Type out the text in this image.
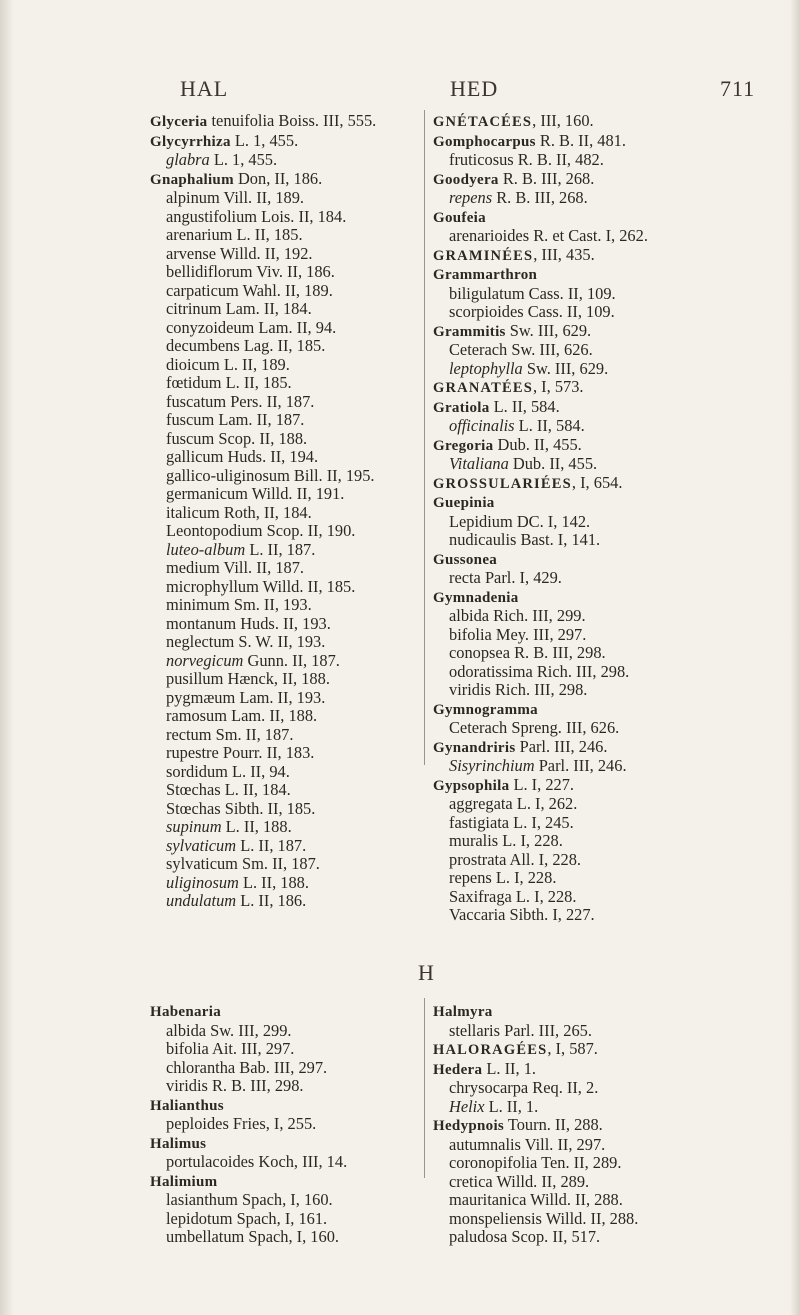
HAL	HED	711
Glyceria tenuifolia Boiss. III, 555.
Glycyrrhiza L. 1, 455.
glabra L. 1, 455.
Gnaphalium Don, II, 186.
alpinum Vill. II, 189.
angustifolium Lois. II, 184.
arenarium L. II, 185.
arvense Willd. II, 192.
bellidiflorum Viv. II, 186.
carpaticum Wahl. II, 189.
citrinum Lam. II, 184.
conyzoideum Lam. II, 94.
decumbens Lag. II, 185.
dioicum L. II, 189.
fœtidum L. II, 185.
fuscatum Pers. II, 187.
fuscum Lam. II, 187.
fuscum Scop. II, 188.
gallicum Huds. II, 194.
gallico-uliginosum Bill. II, 195.
germanicum Willd. II, 191.
italicum Roth, II, 184.
Leontopodium Scop. II, 190.
luteo-album L. II, 187.
medium Vill. II, 187.
microphyllum Willd. II, 185.
minimum Sm. II, 193.
montanum Huds. II, 193.
neglectum S. W. II, 193.
norvegicum Gunn. II, 187.
pusillum Hænck, II, 188.
pygmæum Lam. II, 193.
ramosum Lam. II, 188.
rectum Sm. II, 187.
rupestre Pourr. II, 183.
sordidum L. II, 94.
Stœchas L. II, 184.
Stœchas Sibth. II, 185.
supinum L. II, 188.
sylvaticum L. II, 187.
sylvaticum Sm. II, 187.
uliginosum L. II, 188.
undulatum L. II, 186.
GNÉTACÉES, III, 160.
Gomphocarpus R. B. II, 481.
fruticosus R. B. II, 482.
Goodyera R. B. III, 268.
repens R. B. III, 268.
Goufeia
arenarioides R. et Cast. I, 262.
GRAMINÉES, III, 435.
Grammarthron
biligulatum Cass. II, 109.
scorpioides Cass. II, 109.
Grammitis Sw. III, 629.
Ceterach Sw. III, 626.
leptophylla Sw. III, 629.
GRANATÉES, I, 573.
Gratiola L. II, 584.
officinalis L. II, 584.
Gregoria Dub. II, 455.
Vitaliana Dub. II, 455.
GROSSULARIÉES, I, 654.
Guepinia
Lepidium DC. I, 142.
nudicaulis Bast. I, 141.
Gussonea
recta Parl. I, 429.
Gymnadenia
albida Rich. III, 299.
bifolia Mey. III, 297.
conopsea R. B. III, 298.
odoratissima Rich. III, 298.
viridis Rich. III, 298.
Gymnogramma
Ceterach Spreng. III, 626.
Gynandriris Parl. III, 246.
Sisyrinchium Parl. III, 246.
Gypsophila L. I, 227.
aggregata L. I, 262.
fastigiata L. I, 245.
muralis L. I, 228.
prostrata All. I, 228.
repens L. I, 228.
Saxifraga L. I, 228.
Vaccaria Sibth. I, 227.
H
Habenaria
albida Sw. III, 299.
bifolia Ait. III, 297.
chlorantha Bab. III, 297.
viridis R. B. III, 298.
Halianthus
peploides Fries, I, 255.
Halimus
portulacoides Koch, III, 14.
Halimium
lasianthum Spach, I, 160.
lepidotum Spach, I, 161.
umbellatum Spach, I, 160.
Halmyra
stellaris Parl. III, 265.
HALORAGÉES, I, 587.
Hedera L. II, 1.
chrysocarpa Req. II, 2.
Helix L. II, 1.
Hedypnois Tourn. II, 288.
autumnalis Vill. II, 297.
coronopifolia Ten. II, 289.
cretica Willd. II, 289.
mauritanica Willd. II, 288.
monspeliensis Willd. II, 288.
paludosa Scop. II, 517.
